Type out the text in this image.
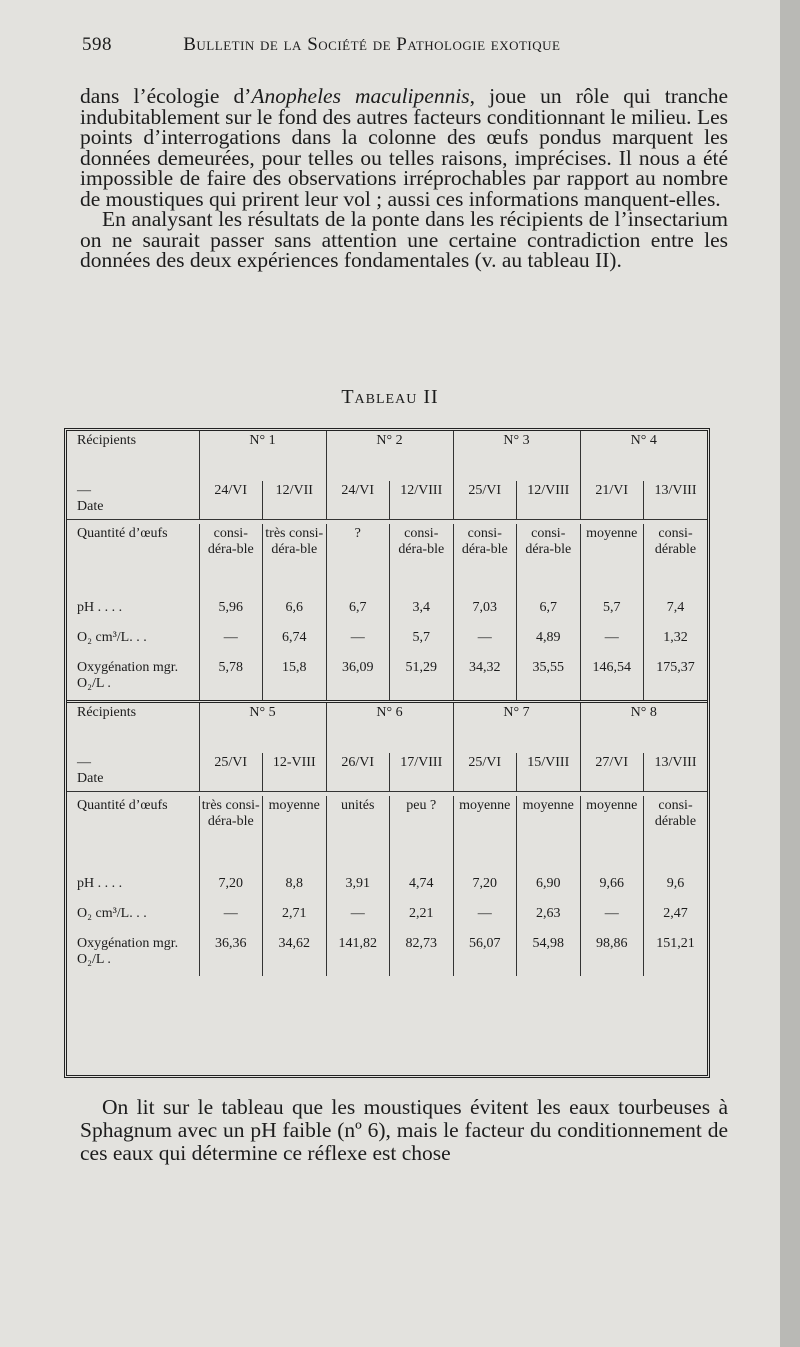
598	Bulletin de la Société de Pathologie exotique

dans l’écologie d’Anopheles maculipennis, joue un rôle qui tranche indubitablement sur le fond des autres facteurs conditionnant le milieu. Les points d’interrogations dans la colonne des œufs pondus marquent les données demeurées, pour telles ou telles raisons, imprécises. Il nous a été impossible de faire des observations irréprochables par rapport au nombre de moustiques qui prirent leur vol ; aussi ces informations manquent-elles.

En analysant les résultats de la ponte dans les récipients de l’insectarium on ne saurait passer sans attention une certaine contradiction entre les données des deux expériences fondamentales (v. au tableau II).

Tableau II
Récipients	N° 1		N° 2		N° 3		N° 4	
—
Date	24/VI	12/VII	24/VI	12/VIII	25/VI	12/VIII	21/VI	13/VIII

Quantité d’œufs	consi-déra-ble	très consi-déra-ble	?	consi-déra-ble	consi-déra-ble	consi-déra-ble	moyenne	consi-dérable
pH . . . .	5,96	6,6	6,7	3,4	7,03	6,7	5,7	7,4
O₂ cm³/L. . .	—	6,74	—	5,7	—	4,89	—	1,32
Oxygénation mgr. O₂/L .	5,78	15,8	36,09	51,29	34,32	35,55	146,54	175,37
Récipients	N° 5		N° 6		N° 7		N° 8	
—
Date	25/VI	12-VIII	26/VI	17/VIII	25/VI	15/VIII	27/VI	13/VIII

Quantité d’œufs	très consi-déra-ble	moyenne	unités	peu ?	moyenne	moyenne	moyenne	consi-dérable
pH . . . .	7,20	8,8	3,91	4,74	7,20	6,90	9,66	9,6
O₂ cm³/L. . .	—	2,71	—	2,21	—	2,63	—	2,47
Oxygénation mgr. O₂/L .	36,36	34,62	141,82	82,73	56,07	54,98	98,86	151,21

On lit sur le tableau que les moustiques évitent les eaux tourbeuses à Sphagnum avec un pH faible (nº 6), mais le facteur du conditionnement de ces eaux qui détermine ce réflexe est chose
